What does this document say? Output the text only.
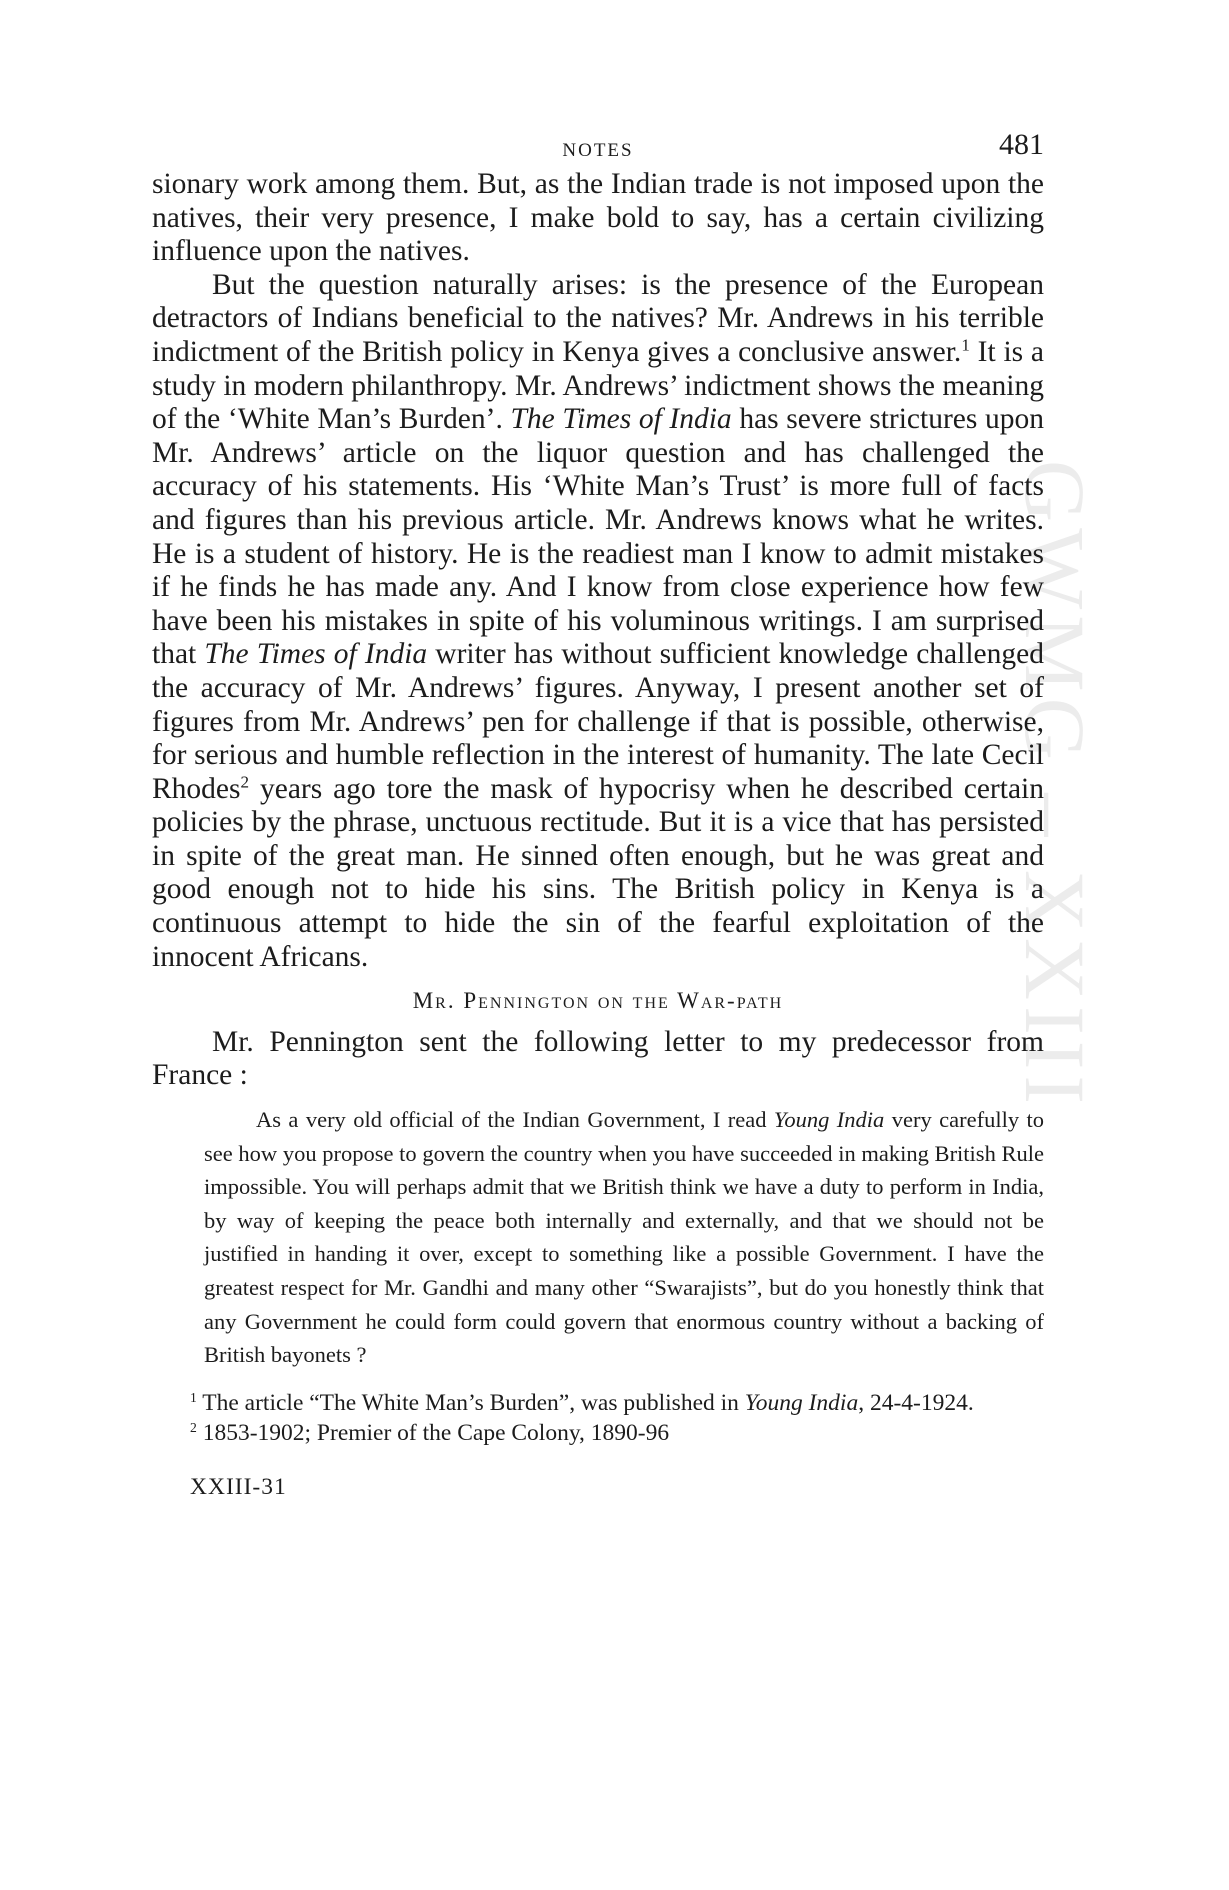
GWMG – XXIII
NOTES	481

sionary work among them. But, as the Indian trade is not imposed upon the natives, their very presence, I make bold to say, has a certain civilizing influence upon the natives.

But the question naturally arises: is the presence of the European detractors of Indians beneficial to the natives? Mr. Andrews in his terrible indictment of the British policy in Kenya gives a conclusive answer.$^1$ It is a study in modern philanthropy. Mr. Andrews’ indictment shows the meaning of the ‘White Man’s Burden’. The Times of India has severe strictures upon Mr. Andrews’ article on the liquor question and has challenged the accuracy of his statements. His ‘White Man’s Trust’ is more full of facts and figures than his previous article. Mr. Andrews knows what he writes. He is a student of history. He is the readiest man I know to admit mistakes if he finds he has made any. And I know from close experience how few have been his mistakes in spite of his voluminous writings. I am surprised that The Times of India writer has without sufficient knowledge challenged the accuracy of Mr. Andrews’ figures. Anyway, I present another set of figures from Mr. Andrews’ pen for challenge if that is possible, otherwise, for serious and humble reflection in the interest of humanity. The late Cecil Rhodes$^2$ years ago tore the mask of hypocrisy when he described certain policies by the phrase, unctuous rectitude. But it is a vice that has persisted in spite of the great man. He sinned often enough, but he was great and good enough not to hide his sins. The British policy in Kenya is a continuous attempt to hide the sin of the fearful exploitation of the innocent Africans.

Mr. Pennington on the War-path

Mr. Pennington sent the following letter to my predecessor from France :

As a very old official of the Indian Government, I read Young India very carefully to see how you propose to govern the country when you have succeeded in making British Rule impossible. You will perhaps admit that we British think we have a duty to perform in India, by way of keeping the peace both internally and externally, and that we should not be justified in handing it over, except to something like a possible Government. I have the greatest respect for Mr. Gandhi and many other “Swarajists”, but do you honestly think that any Government he could form could govern that enormous country without a backing of British bayonets ?

$^1$ The article “The White Man’s Burden”, was published in Young India, 24-4-1924.

$^2$ 1853-1902; Premier of the Cape Colony, 1890-96

XXIII-31
